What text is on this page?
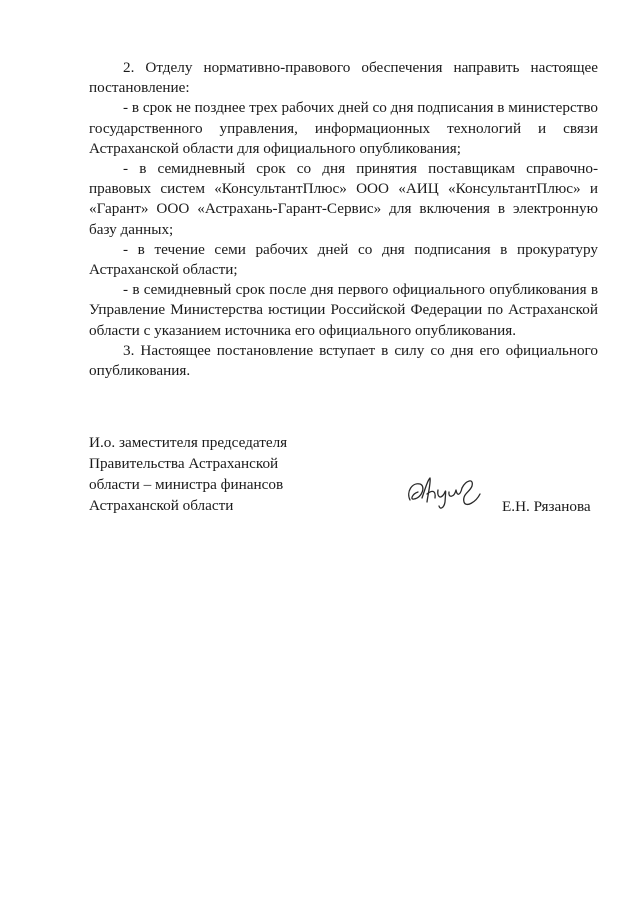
2. Отделу нормативно-правового обеспечения направить настоящее постановление:

- в срок не позднее трех рабочих дней со дня подписания в министерство государственного управления, информационных технологий и связи Астраханской области для официального опубликования;

- в семидневный срок со дня принятия поставщикам справочно-правовых систем «КонсультантПлюс» ООО «АИЦ «КонсультантПлюс» и «Гарант» ООО «Астрахань-Гарант-Сервис» для включения в электронную базу данных;

- в течение семи рабочих дней со дня подписания в прокуратуру Астраханской области;

- в семидневный срок после дня первого официального опубликования в Управление Министерства юстиции Российской Федерации по Астраханской области с указанием источника его официального опубликования.

3. Настоящее постановление вступает в силу со дня его официального опубликования.

И.о. заместителя председателя
Правительства Астраханской
области – министра финансов
Астраханской области	Е.Н. Рязанова
